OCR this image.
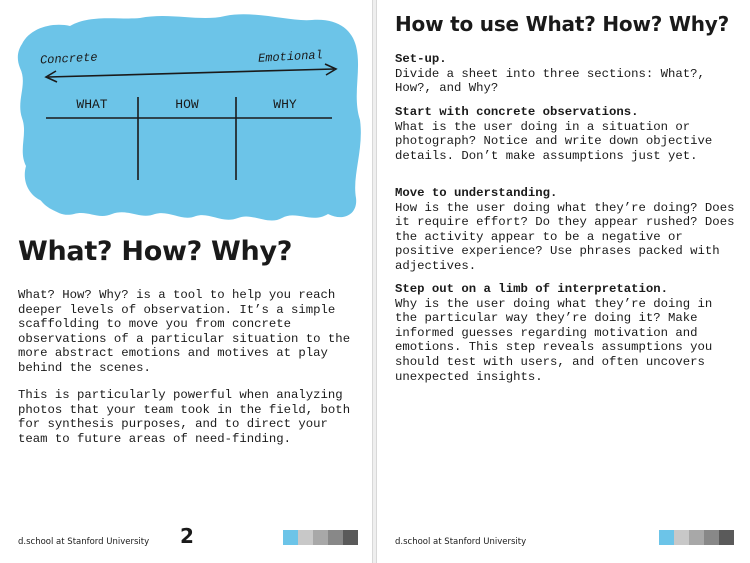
Concrete	Emotional
WHAT	HOW	WHY
What? How? Why?

What? How? Why? is a tool to help you reach deeper levels of observation. It’s a simple scaffolding to move you from concrete observations of a particular situation to the more abstract emotions and motives at play behind the scenes.

This is particularly powerful when analyzing photos that your team took in the field, both for synthesis purposes, and to direct your team to future areas of need-finding.

d.school at Stanford University 2
How to use What? How? Why?
Set-up.
Divide a sheet into three sections: What?, How?, and Why?
Start with concrete observations.
What is the user doing in a situation or photograph? Notice and write down objective details. Don’t make assumptions just yet.
Move to understanding.
How is the user doing what they’re doing? Does it require effort? Do they appear rushed? Does the activity appear to be a negative or positive experience? Use phrases packed with adjectives.
Step out on a limb of interpretation.
Why is the user doing what they’re doing in the particular way they’re doing it? Make informed guesses regarding motivation and emotions. This step reveals assumptions you should test with users, and often uncovers unexpected insights.
d.school at Stanford University
